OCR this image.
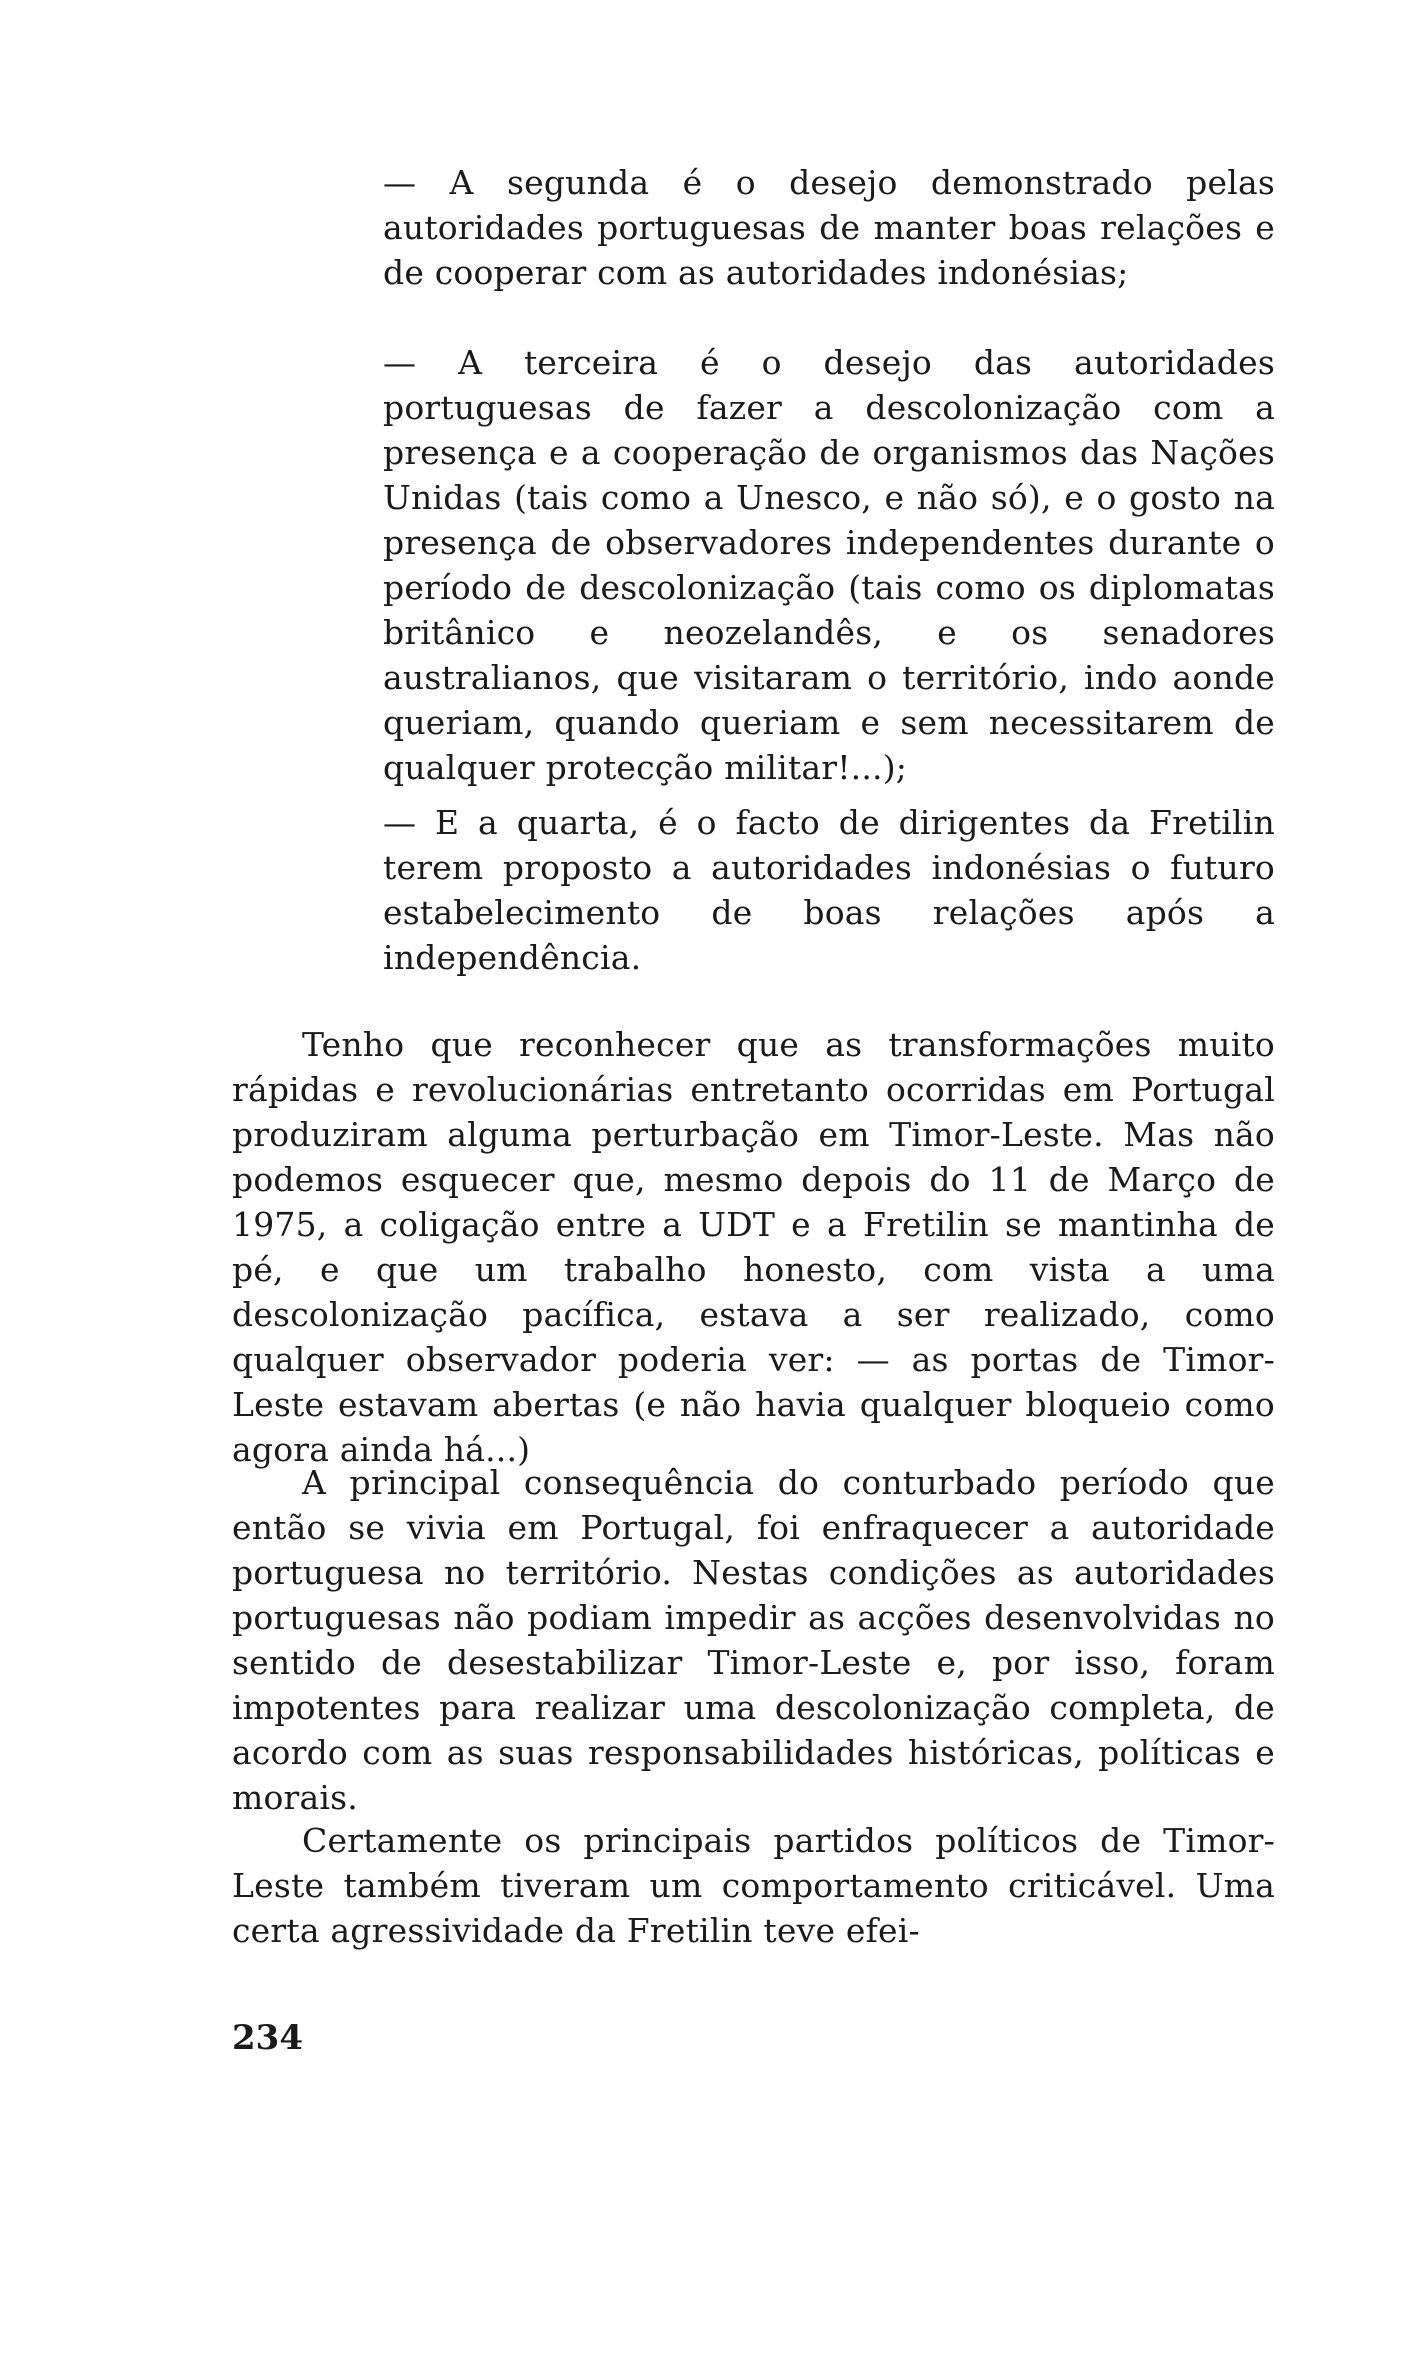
— A segunda é o desejo demonstrado pelas autoridades portuguesas de manter boas relações e de cooperar com as autoridades indonésias;

— A terceira é o desejo das autoridades portuguesas de fazer a descolonização com a presença e a cooperação de organismos das Nações Unidas (tais como a Unesco, e não só), e o gosto na presença de observadores independentes durante o período de descolonização (tais como os diplomatas britânico e neozelandês, e os senadores australianos, que visitaram o território, indo aonde queriam, quando queriam e sem necessitarem de qualquer protecção militar!...);

— E a quarta, é o facto de dirigentes da Fretilin terem proposto a autoridades indonésias o futuro estabelecimento de boas relações após a independência.

Tenho que reconhecer que as transformações muito rápidas e revolucionárias entretanto ocorridas em Portugal produziram alguma perturbação em Timor-Leste. Mas não podemos esquecer que, mesmo depois do 11 de Março de 1975, a coligação entre a UDT e a Fretilin se mantinha de pé, e que um trabalho honesto, com vista a uma descolonização pacífica, estava a ser realizado, como qualquer observador poderia ver: — as portas de Timor-Leste estavam abertas (e não havia qualquer bloqueio como agora ainda há...)

A principal consequência do conturbado período que então se vivia em Portugal, foi enfraquecer a autoridade portuguesa no território. Nestas condições as autoridades portuguesas não podiam impedir as acções desenvolvidas no sentido de desestabilizar Timor-Leste e, por isso, foram impotentes para realizar uma descolonização completa, de acordo com as suas responsabilidades históricas, políticas e morais.

Certamente os principais partidos políticos de Timor-Leste também tiveram um comportamento criticável. Uma certa agressividade da Fretilin teve efei-

234
